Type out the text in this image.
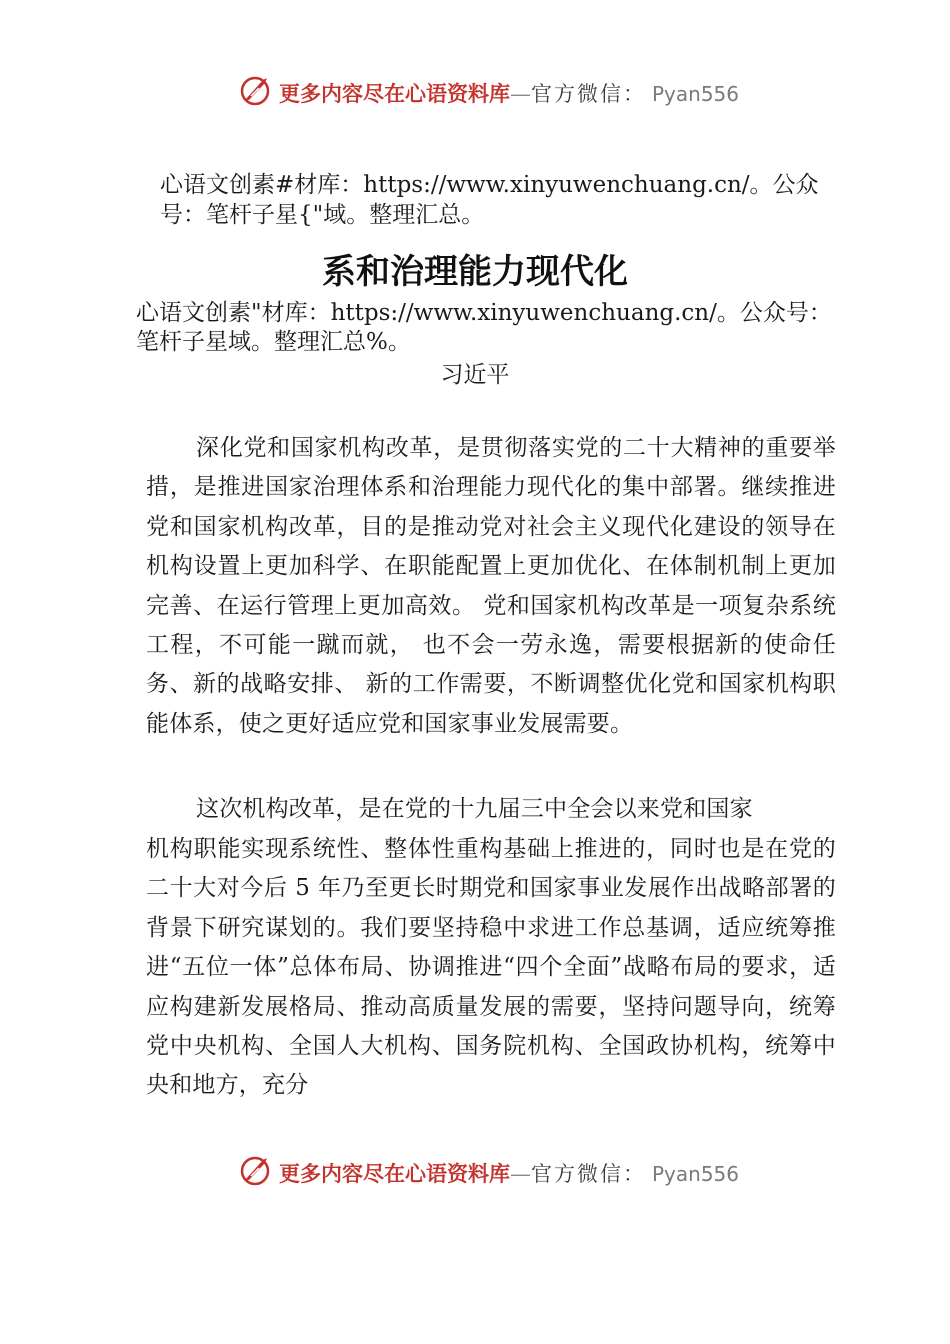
更多内容尽在心语资料库—官方微信： Pyan556
心语文创素#材库：https://www.xinyuwenchuang.cn/。公众
号：笔杆子星{"域。整理汇总。
系和治理能力现代化
心语文创素"材库：https://www.xinyuwenchuang.cn/。公众号：
笔杆子星域。整理汇总%。
习近平
深化党和国家机构改革，是贯彻落实党的二十大精神的重要举措，是推进国家治理体系和治理能力现代化的集中部署。继续推进党和国家机构改革，目的是推动党对社会主义现代化建设的领导在机构设置上更加科学、在职能配置上更加优化、在体制机制上更加完善、在运行管理上更加高效。 党和国家机构改革是一项复杂系统工程，不可能一蹴而就， 也不会一劳永逸，需要根据新的使命任务、新的战略安排、 新的工作需要，不断调整优化党和国家机构职能体系，使之更好适应党和国家事业发展需要。
这次机构改革，是在党的十九届三中全会以来党和国家
机构职能实现系统性、整体性重构基础上推进的，同时也是在党的二十大对今后 5 年乃至更长时期党和国家事业发展作出战略部署的背景下研究谋划的。我们要坚持稳中求进工作总基调，适应统筹推进“五位一体”总体布局、协调推进“四个全面”战略布局的要求，适应构建新发展格局、推动高质量发展的需要，坚持问题导向，统筹党中央机构、全国人大机构、国务院机构、全国政协机构，统筹中央和地方，充分
更多内容尽在心语资料库—官方微信： Pyan556
